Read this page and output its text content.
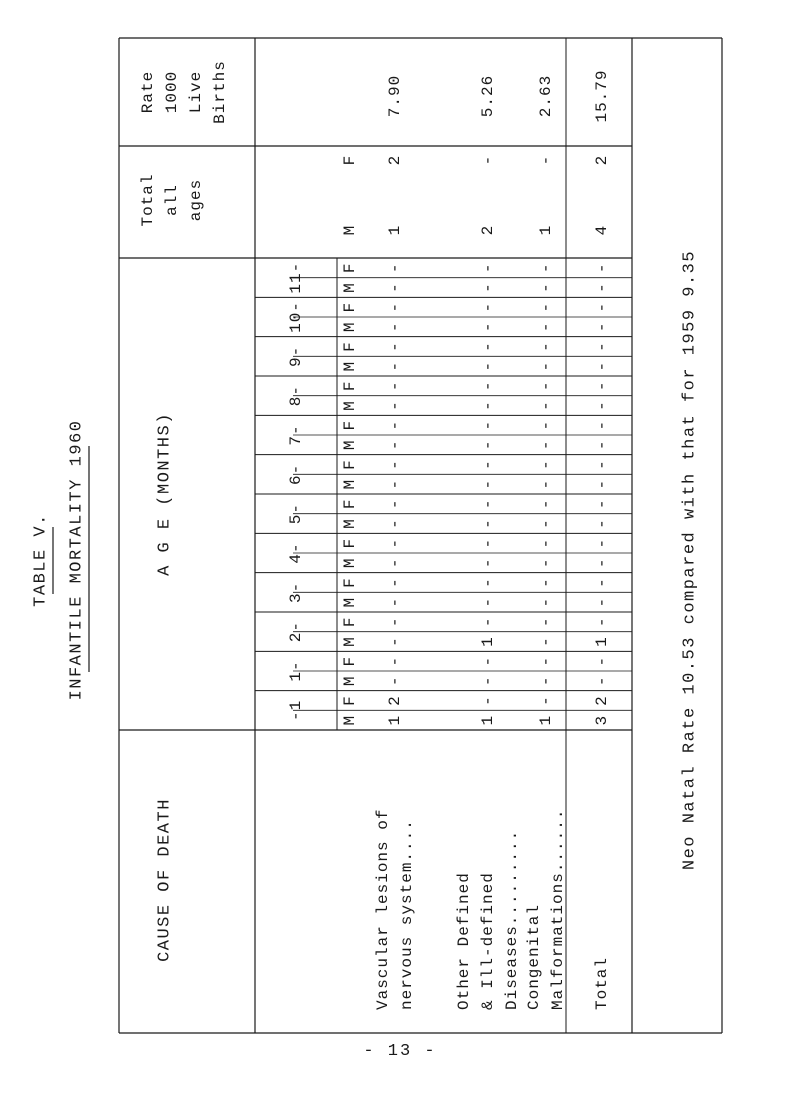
TABLE V. INFANTILE MORTALITY 1960
Rate 1000 Live Births
Total all ages
A G E (MONTHS)
CAUSE OF DEATH
-1 M
F
1- M
F
2- M
F
3- M
F
4- M
F
5- M
F
6- M
F
7- M
F
8- M
F
9- M
F
10- M
F
11- M
F
M
F
7.90
1
2
1
2
-
-
-
-
-
-
-
-
-
-
-
-
-
-
-
-
-
-
-
-
-
-
Vascular lesions of nervous system....
5.26
2
-
1
-
-
-
1
-
-
-
-
-
-
-
-
-
-
-
-
-
-
-
-
-
-
-
Other Defined & Ill-defined Diseases.........
2.63
1
-
1
-
-
-
-
-
-
-
-
-
-
-
-
-
-
-
-
-
-
-
-
-
-
-
Congenital Malformations......
15.79
4
2
3
2
-
-
1
-
-
-
-
-
-
-
-
-
-
-
-
-
-
-
-
-
-
-
Total
Neo Natal Rate 10.53 compared with that for 1959 9.35
- 13 -
